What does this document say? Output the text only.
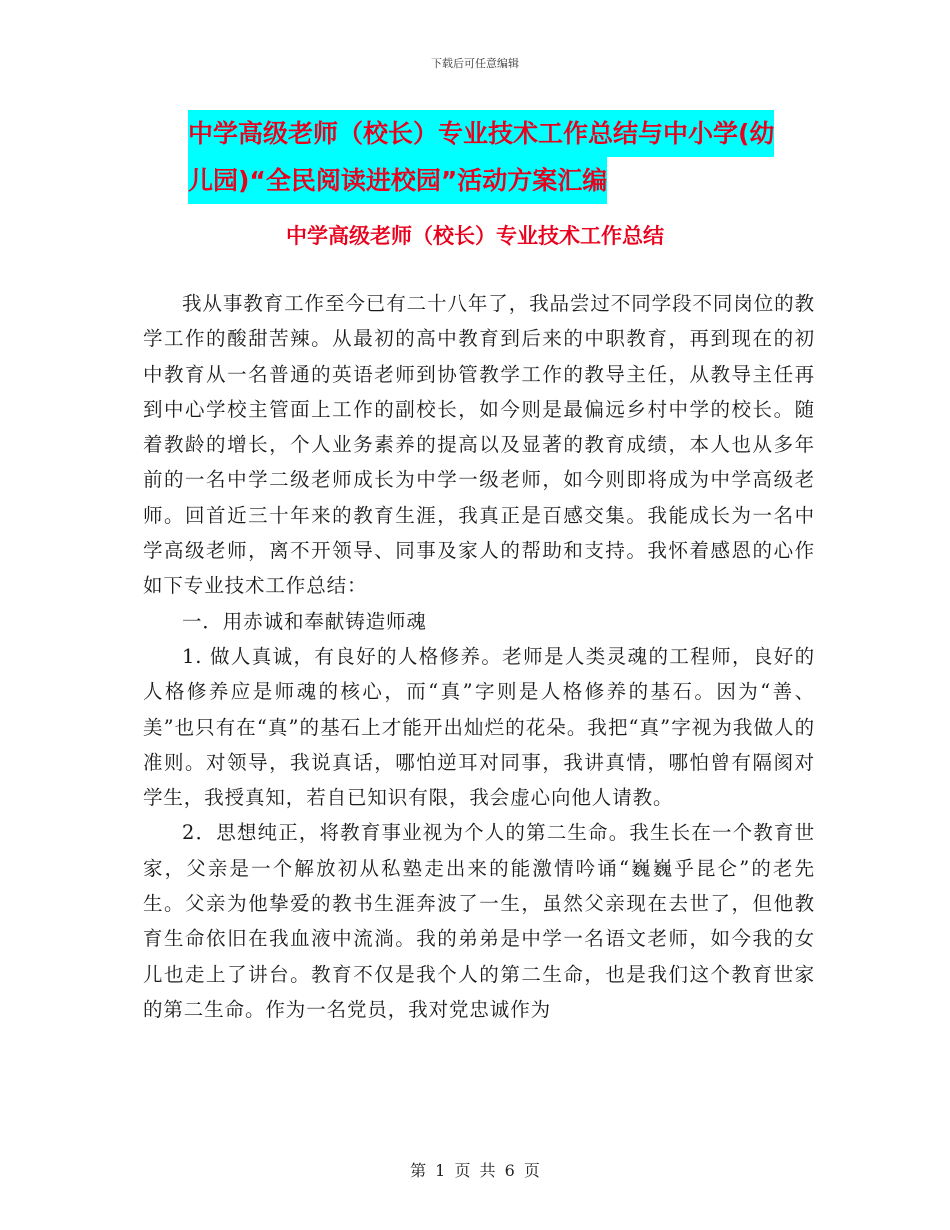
下载后可任意编辑
中学高级老师（校长）专业技术工作总结与中小学(幼
儿园)“全民阅读进校园”活动方案汇编
中学高级老师（校长）专业技术工作总结

我从事教育工作至今已有二十八年了，我品尝过不同学段不同岗位的教学工作的酸甜苦辣。从最初的高中教育到后来的中职教育，再到现在的初中教育从一名普通的英语老师到协管教学工作的教导主任，从教导主任再到中心学校主管面上工作的副校长，如今则是最偏远乡村中学的校长。随着教龄的增长，个人业务素养的提高以及显著的教育成绩，本人也从多年前的一名中学二级老师成长为中学一级老师，如今则即将成为中学高级老师。回首近三十年来的教育生涯，我真正是百感交集。我能成长为一名中学高级老师，离不开领导、同事及家人的帮助和支持。我怀着感恩的心作如下专业技术工作总结：

一．用赤诚和奉献铸造师魂

1. 做人真诚，有良好的人格修养。老师是人类灵魂的工程师，良好的人格修养应是师魂的核心，而“真”字则是人格修养的基石。因为“善、美”也只有在“真”的基石上才能开出灿烂的花朵。我把“真”字视为我做人的准则。对领导，我说真话，哪怕逆耳对同事，我讲真情，哪怕曾有隔阂对学生，我授真知，若自已知识有限，我会虚心向他人请教。

2．思想纯正，将教育事业视为个人的第二生命。我生长在一个教育世家，父亲是一个解放初从私塾走出来的能激情吟诵“巍巍乎昆仑”的老先生。父亲为他挚爱的教书生涯奔波了一生，虽然父亲现在去世了，但他教育生命依旧在我血液中流淌。我的弟弟是中学一名语文老师，如今我的女儿也走上了讲台。教育不仅是我个人的第二生命，也是我们这个教育世家的第二生命。作为一名党员，我对党忠诚作为

第 1 页 共 6 页
